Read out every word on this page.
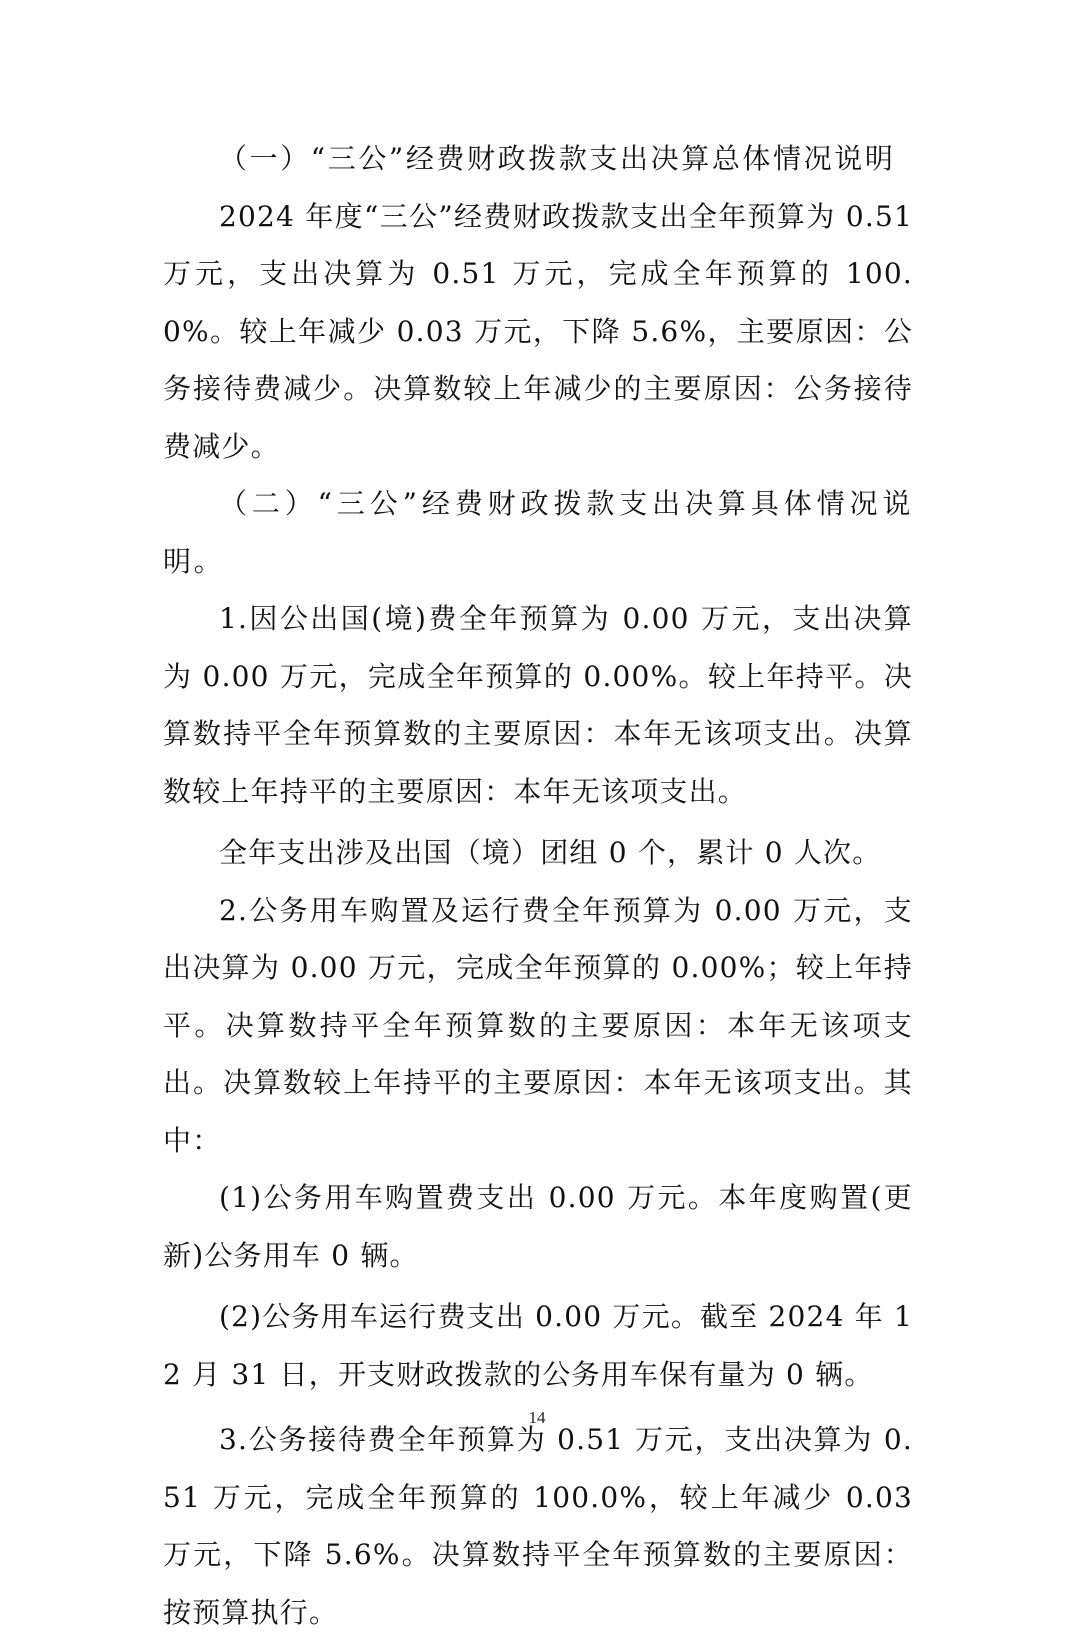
（一）“三公”经费财政拨款支出决算总体情况说明

2024 年度“三公”经费财政拨款支出全年预算为 0.51 万元，支出决算为 0.51 万元，完成全年预算的 100.0%。较上年减少 0.03 万元，下降 5.6%，主要原因：公务接待费减少。决算数较上年减少的主要原因：公务接待费减少。

（二）“三公”经费财政拨款支出决算具体情况说明。

1.因公出国(境)费全年预算为 0.00 万元，支出决算为 0.00 万元，完成全年预算的 0.00%。较上年持平。决算数持平全年预算数的主要原因：本年无该项支出。决算数较上年持平的主要原因：本年无该项支出。

全年支出涉及出国（境）团组 0 个，累计 0 人次。

2.公务用车购置及运行费全年预算为 0.00 万元，支出决算为 0.00 万元，完成全年预算的 0.00%；较上年持平。决算数持平全年预算数的主要原因：本年无该项支出。决算数较上年持平的主要原因：本年无该项支出。其中：

(1)公务用车购置费支出 0.00 万元。本年度购置(更新)公务用车 0 辆。

(2)公务用车运行费支出 0.00 万元。截至 2024 年 12 月 31 日，开支财政拨款的公务用车保有量为 0 辆。

3.公务接待费全年预算为 0.51 万元，支出决算为 0.51 万元，完成全年预算的 100.0%，较上年减少 0.03 万元，下降 5.6%。决算数持平全年预算数的主要原因：按预算执行。

14
